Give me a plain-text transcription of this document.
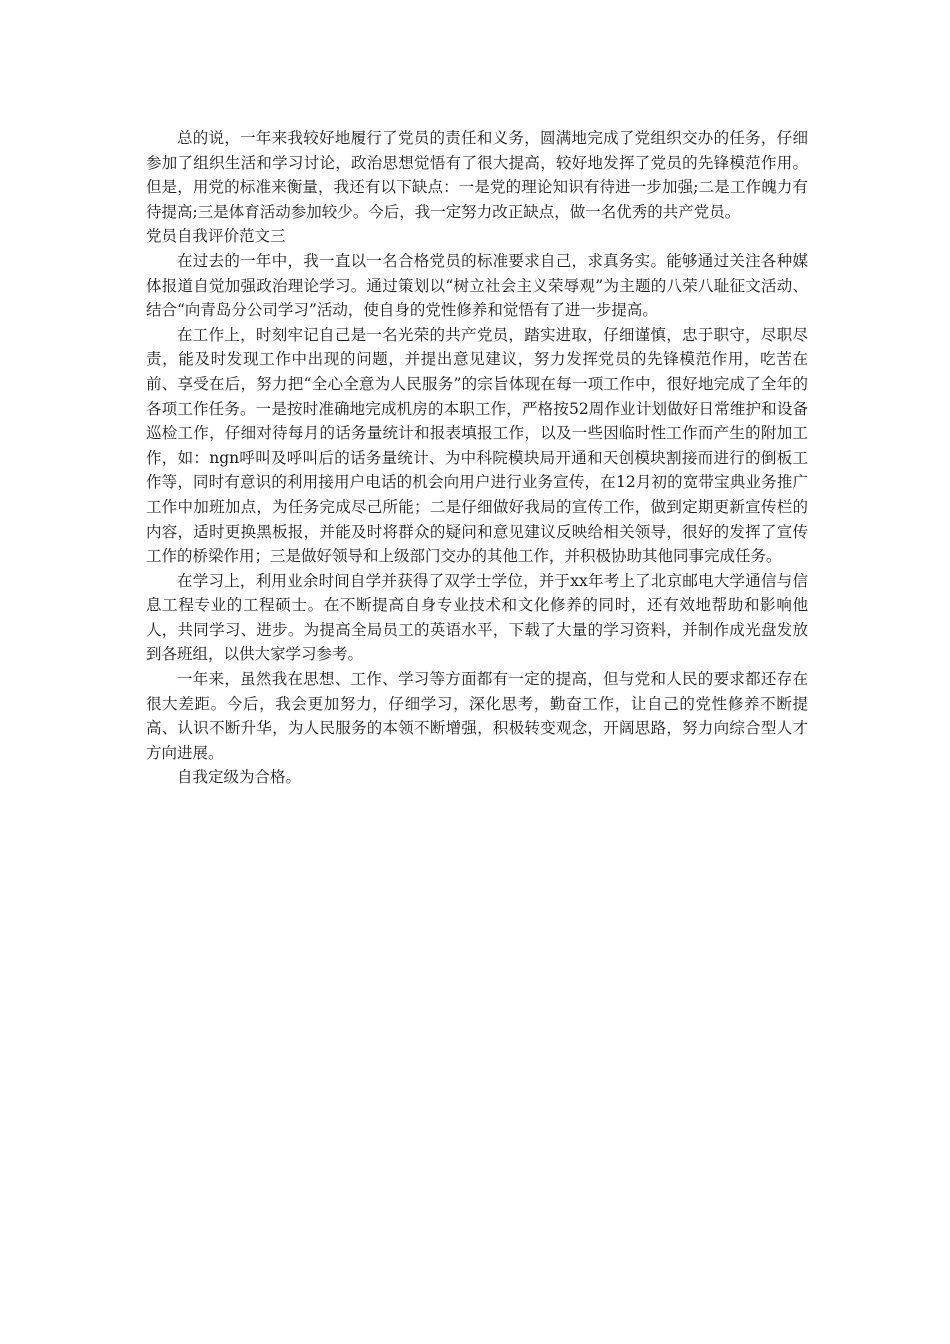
总的说，一年来我较好地履行了党员的责任和义务，圆满地完成了党组织交办的任务，仔细参加了组织生活和学习讨论，政治思想觉悟有了很大提高，较好地发挥了党员的先锋模范作用。但是，用党的标准来衡量，我还有以下缺点：一是党的理论知识有待进一步加强;二是工作魄力有待提高;三是体育活动参加较少。今后，我一定努力改正缺点，做一名优秀的共产党员。

党员自我评价范文三

在过去的一年中，我一直以一名合格党员的标准要求自己，求真务实。能够通过关注各种媒体报道自觉加强政治理论学习。通过策划以“树立社会主义荣辱观”为主题的八荣八耻征文活动、结合“向青岛分公司学习”活动，使自身的党性修养和觉悟有了进一步提高。

在工作上，时刻牢记自己是一名光荣的共产党员，踏实进取，仔细谨慎，忠于职守，尽职尽责，能及时发现工作中出现的问题，并提出意见建议，努力发挥党员的先锋模范作用，吃苦在前、享受在后，努力把“全心全意为人民服务”的宗旨体现在每一项工作中，很好地完成了全年的各项工作任务。一是按时准确地完成机房的本职工作，严格按52周作业计划做好日常维护和设备巡检工作，仔细对待每月的话务量统计和报表填报工作，以及一些因临时性工作而产生的附加工作，如：ngn呼叫及呼叫后的话务量统计、为中科院模块局开通和天创模块割接而进行的倒板工作等，同时有意识的利用接用户电话的机会向用户进行业务宣传，在12月初的宽带宝典业务推广工作中加班加点，为任务完成尽己所能；二是仔细做好我局的宣传工作，做到定期更新宣传栏的内容，适时更换黑板报，并能及时将群众的疑问和意见建议反映给相关领导，很好的发挥了宣传工作的桥梁作用；三是做好领导和上级部门交办的其他工作，并积极协助其他同事完成任务。

在学习上，利用业余时间自学并获得了双学士学位，并于xx年考上了北京邮电大学通信与信息工程专业的工程硕士。在不断提高自身专业技术和文化修养的同时，还有效地帮助和影响他人，共同学习、进步。为提高全局员工的英语水平，下载了大量的学习资料，并制作成光盘发放到各班组，以供大家学习参考。

一年来，虽然我在思想、工作、学习等方面都有一定的提高，但与党和人民的要求都还存在很大差距。今后，我会更加努力，仔细学习，深化思考，勤奋工作，让自己的党性修养不断提高、认识不断升华，为人民服务的本领不断增强，积极转变观念，开阔思路，努力向综合型人才方向进展。

自我定级为合格。
